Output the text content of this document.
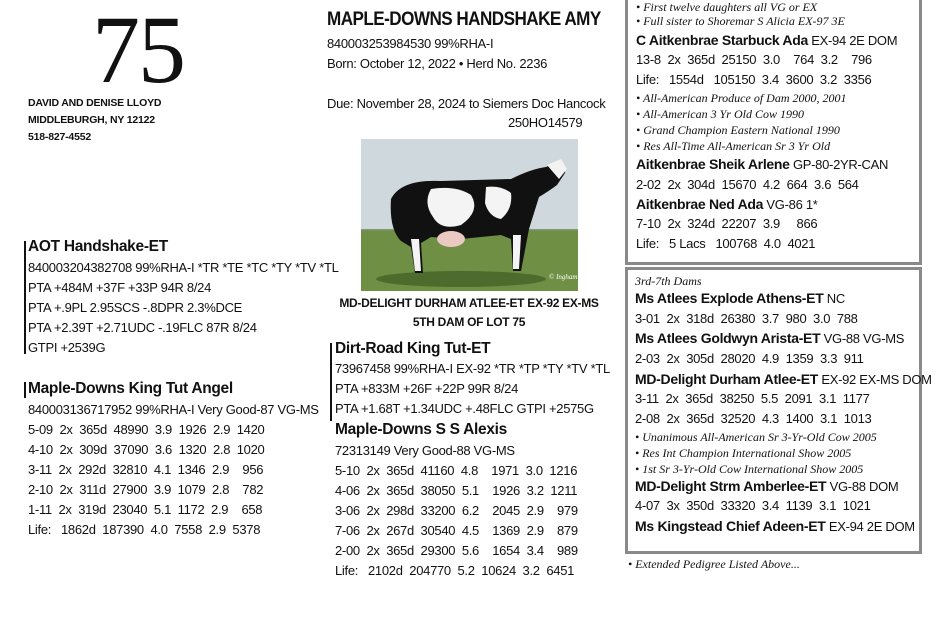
75
DAVID AND DENISE LLOYD
MIDDLEBURGH, NY 12122
518-827-4552
MAPLE-DOWNS HANDSHAKE AMY
840003253984530 99%RHA-I
Born: October 12, 2022 • Herd No. 2236
Due: November 28, 2024 to Siemers Doc Hancock
250HO14579
© Ingham
MD-DELIGHT DURHAM ATLEE-ET EX-92 EX-MS
5TH DAM OF LOT 75
AOT Handshake-ET
840003204382708 99%RHA-I *TR *TE *TC *TY *TV *TL
PTA +484M +37F +33P 94R 8/24
PTA +.9PL 2.95SCS -.8DPR 2.3%DCE
PTA +2.39T +2.71UDC -.19FLC 87R 8/24
GTPI +2539G
Maple-Downs King Tut Angel
840003136717952 99%RHA-I Very Good-87 VG-MS
5-09  2x  365d  48990  3.9  1926  2.9  1420
4-10  2x  309d  37090  3.6  1320  2.8  1020
3-11  2x  292d  32810  4.1  1346  2.9    956
2-10  2x  311d  27900  3.9  1079  2.8    782
1-11  2x  319d  23040  5.1  1172  2.9    658
Life:   1862d  187390  4.0  7558  2.9  5378
Dirt-Road King Tut-ET
73967458 99%RHA-I EX-92 *TR *TP *TY *TV *TL
PTA +833M +26F +22P 99R 8/24
PTA +1.68T +1.34UDC +.48FLC GTPI +2575G
Maple-Downs S S Alexis
72313149 Very Good-88 VG-MS
5-10  2x  365d  41160  4.8    1971  3.0  1216
4-06  2x  365d  38050  5.1    1926  3.2  1211
3-06  2x  298d  33200  6.2    2045  2.9    979
7-06  2x  267d  30540  4.5    1369  2.9    879
2-00  2x  365d  29300  5.6    1654  3.4    989
Life:   2102d  204770  5.2  10624  3.2  6451
• First twelve daughters all VG or EX
• Full sister to Shoremar S Alicia EX-97 3E
C Aitkenbrae Starbuck Ada EX-94 2E DOM
13-8  2x  365d  25150  3.0    764  3.2    796
Life:   1554d   105150  3.4  3600  3.2  3356
• All-American Produce of Dam 2000, 2001
• All-American 3 Yr Old Cow 1990
• Grand Champion Eastern National 1990
• Res All-Time All-American Sr 3 Yr Old
Aitkenbrae Sheik Arlene GP-80-2YR-CAN
2-02  2x  304d  15670  4.2  664  3.6  564
Aitkenbrae Ned Ada VG-86 1*
7-10  2x  324d  22207  3.9     866
Life:   5 Lacs   100768  4.0  4021
3rd-7th Dams
Ms Atlees Explode Athens-ET NC
3-01  2x  318d  26380  3.7  980  3.0  788
Ms Atlees Goldwyn Arista-ET VG-88 VG-MS
2-03  2x  305d  28020  4.9  1359  3.3  911
MD-Delight Durham Atlee-ET EX-92 EX-MS DOM
3-11  2x  365d  38250  5.5  2091  3.1  1177
2-08  2x  365d  32520  4.3  1400  3.1  1013
• Unanimous All-American Sr 3-Yr-Old Cow 2005
• Res Int Champion International Show 2005
• 1st Sr 3-Yr-Old Cow International Show 2005
MD-Delight Strm Amberlee-ET VG-88 DOM
4-07  3x  350d  33320  3.4  1139  3.1  1021
Ms Kingstead Chief Adeen-ET EX-94 2E DOM
• Extended Pedigree Listed Above...
